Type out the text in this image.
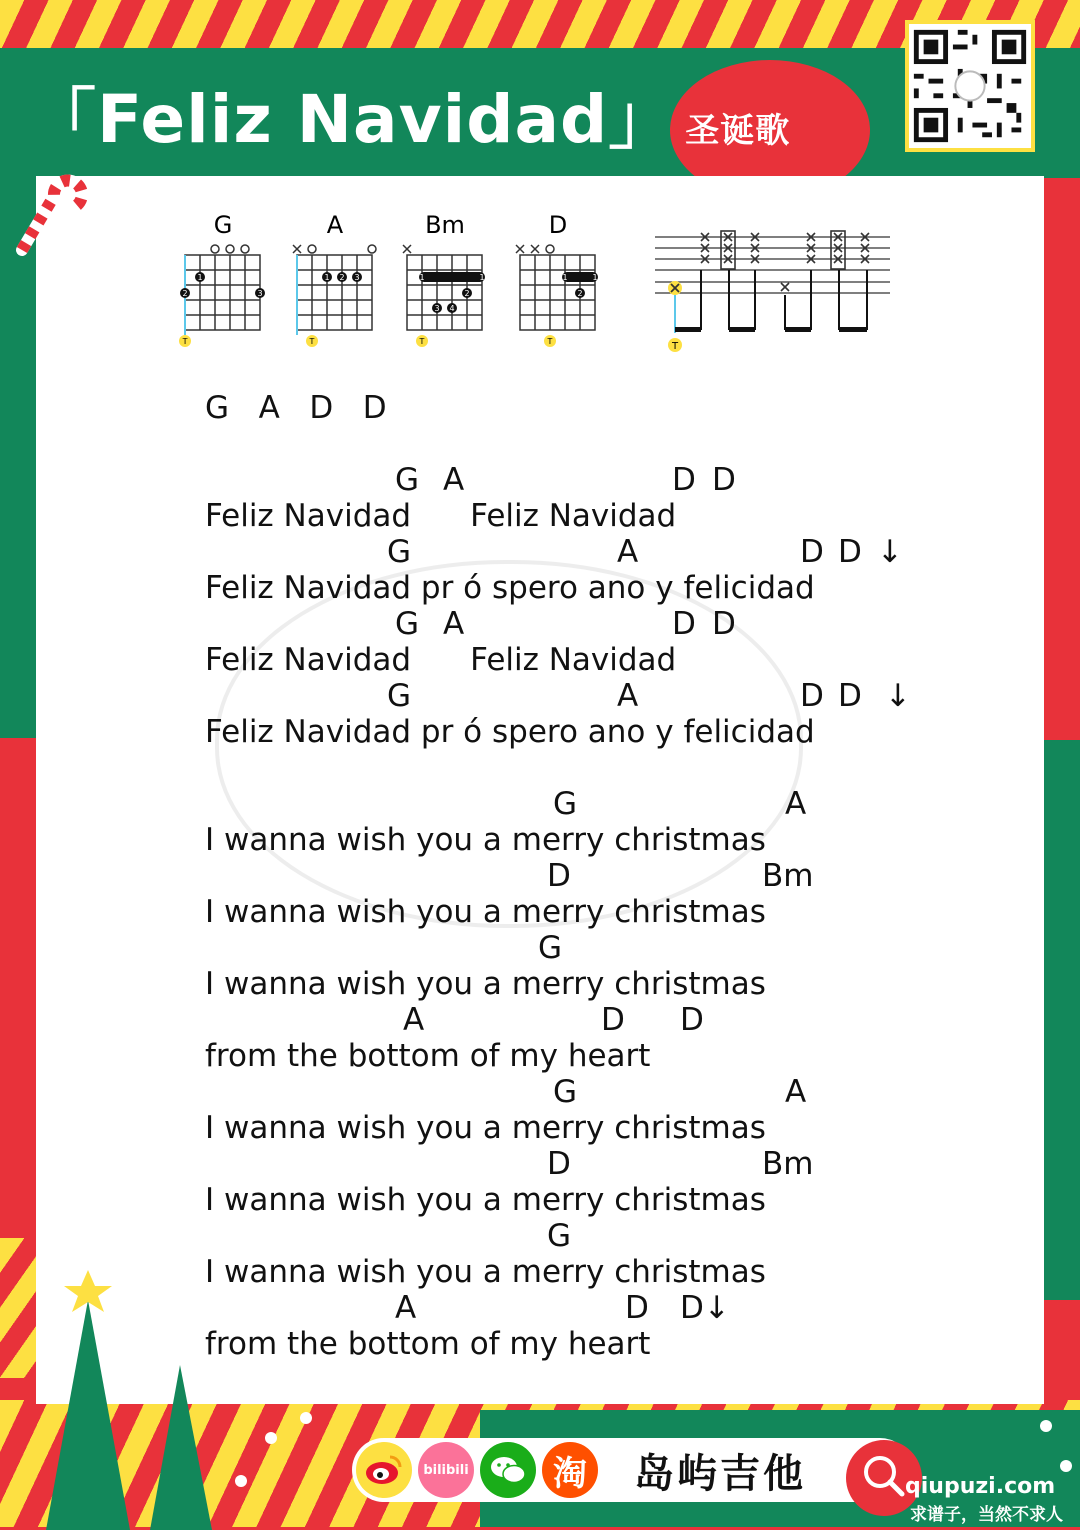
「Feliz Navidad」 圣诞歌
G
1
2	3
T
A
1 2 3
T
Bm
1	1
2
3 4
T
D
1	1
2
T	T
G   A   D   D
G A	D D
Feliz Navidad      Feliz Navidad
G	A	D D ↓
Feliz Navidad pr ó spero ano y felicidad
G A	D D
Feliz Navidad      Feliz Navidad
G	A	D D ↓
Feliz Navidad pr ó spero ano y felicidad
G	A
I wanna wish you a merry christmas
D	Bm
I wanna wish you a merry christmas
G
I wanna wish you a merry christmas
A	D D
from the bottom of my heart
G	A
I wanna wish you a merry christmas
D	Bm
I wanna wish you a merry christmas
G
I wanna wish you a merry christmas
A	D D↓
from the bottom of my heart
bilibili	淘 岛屿吉他	qiupuzi.com
求谱子，当然不求人
